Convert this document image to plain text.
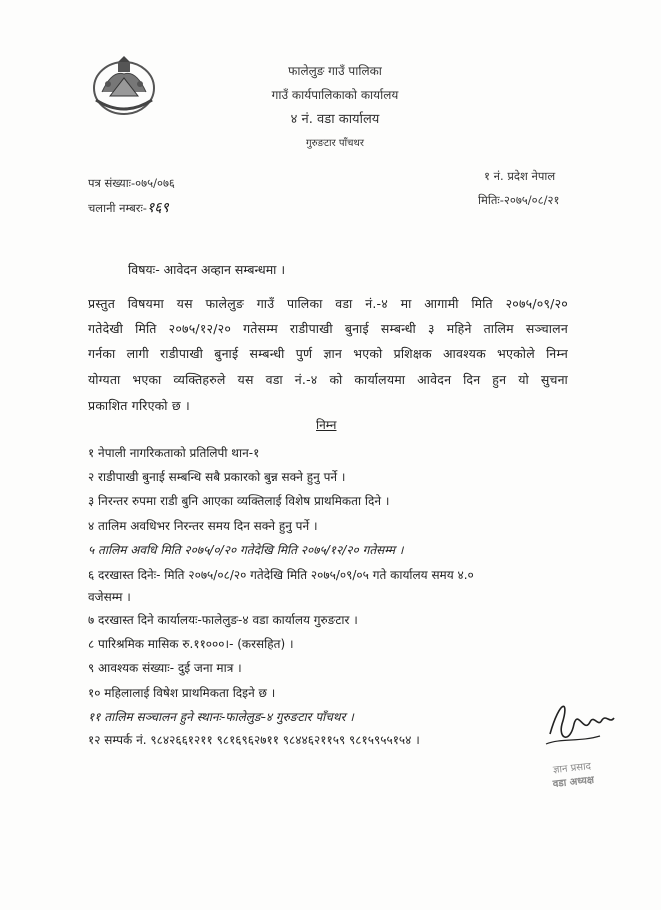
फालेलुङ गाउँ पालिका
गाउँ कार्यपालिकाको कार्यालय
४ नं. वडा कार्यालय
गुरुङटार पाँचथर
पत्र संख्याः-०७५/०७६
चलानी नम्बरः-१६९
१ नं. प्रदेश नेपाल
मितिः-२०७५/०८/२१
विषयः- आवेदन अव्हान सम्बन्धमा ।
प्रस्तुत विषयमा यस फालेलुङ गाउँ पालिका वडा नं.-४ मा आगामी मिति २०७५/०९/२०
गतेदेखी मिति २०७५/१२/२० गतेसम्म राडीपाखी बुनाई सम्बन्धी ३ महिने तालिम सञ्चालन
गर्नका लागी राडीपाखी बुनाई सम्बन्धी पुर्ण ज्ञान भएको प्रशिक्षक आवश्यक भएकोले निम्न
योग्यता भएका व्यक्तिहरुले यस वडा नं.-४ को कार्यालयमा आवेदन दिन हुन यो सुचना
प्रकाशित गरिएको छ ।
निम्न
१ नेपाली नागरिकताको प्रतिलिपी थान-१
२ राडीपाखी बुनाई सम्बन्धि सबै प्रकारको बुन्न सक्ने हुनु पर्ने ।
३ निरन्तर रुपमा राडी बुनि आएका व्यक्तिलाई विशेष प्राथमिकता दिने ।
४ तालिम अवधिभर निरन्तर समय दिन सक्ने हुनु पर्ने ।
५ तालिम अवधि मिति २०७५/०/२० गतेदेखि मिति २०७५/१२/२० गतेसम्म ।
६ दरखास्त दिनेः- मिति २०७५/०८/२० गतेदेखि मिति २०७५/०९/०५ गते कार्यालय समय ४.०
वजेसम्म ।
७ दरखास्त दिने कार्यालयः-फालेलुङ-४ वडा कार्यालय गुरुङटार ।
८ पारिश्रमिक मासिक रु.११०००।- (करसहित) ।
९ आवश्यक संख्याः- दुई जना मात्र ।
१० महिलालाई विषेश प्राथमिकता दिइने छ ।
११ तालिम सञ्चालन हुने स्थानः-फालेलुङ-४ गुरुङटार पाँचथर ।
१२ सम्पर्क नं. ९८४२६६१२११ ९८१६९६२७११ ९८४४६२११५९ ९८१५९५५१५४ ।
ज्ञान प्रसाद
वडा अध्यक्ष
